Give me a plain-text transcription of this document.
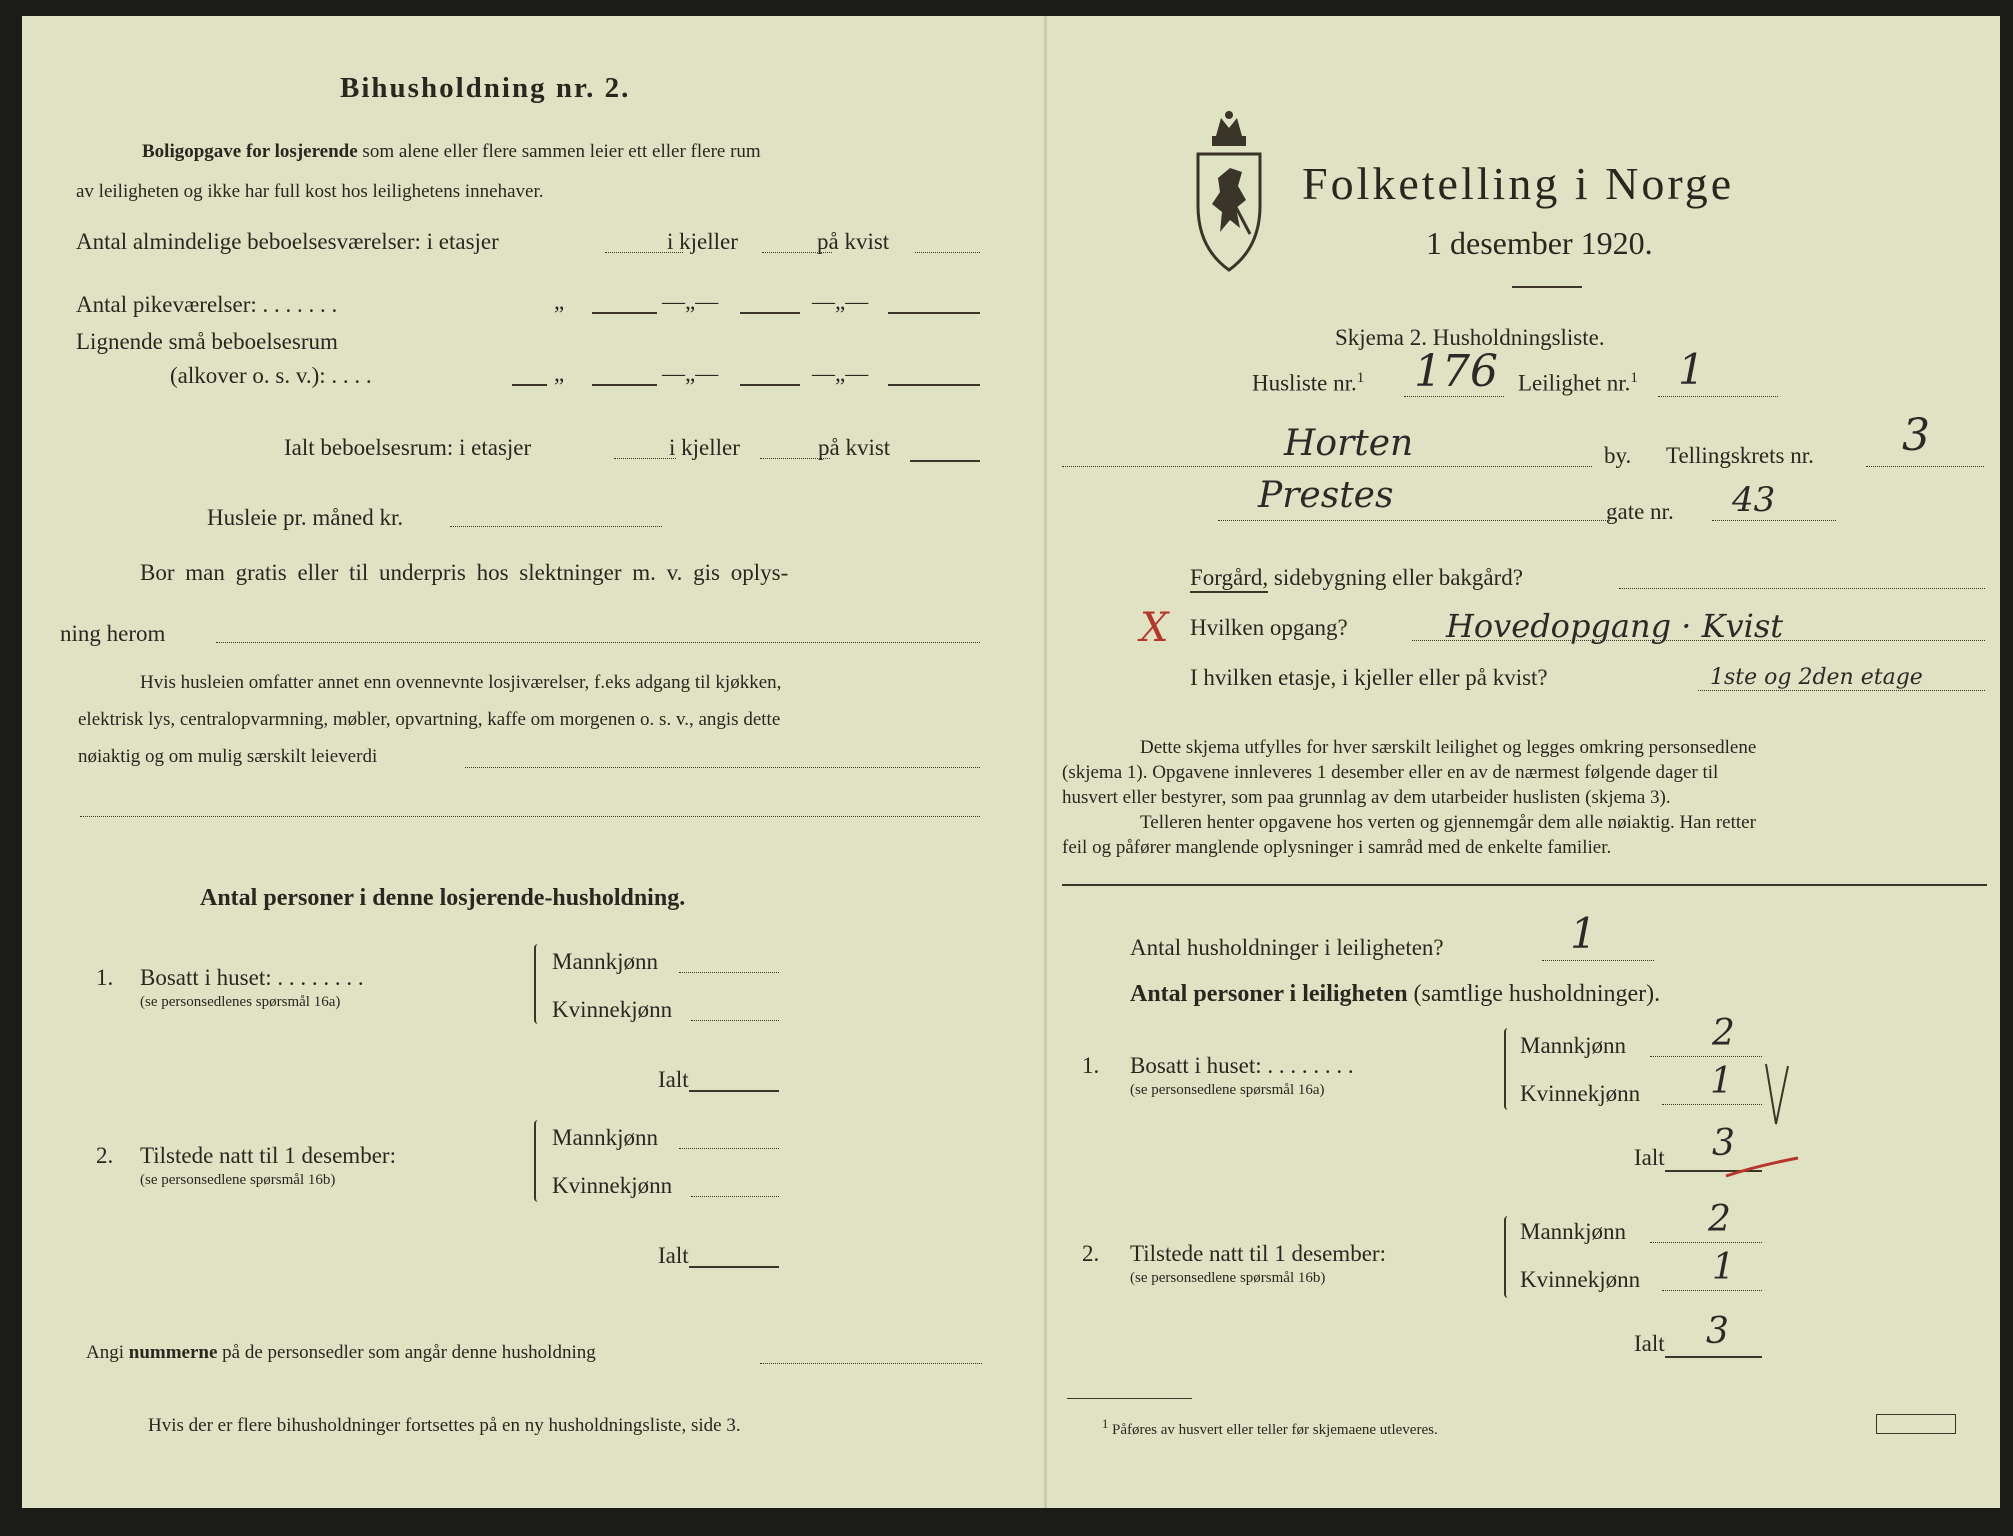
Bihusholdning nr. 2.
Boligopgave for losjerende som alene eller flere sammen leier ett eller flere rum
av leiligheten og ikke har full kost hos leilighetens innehaver.
Antal almindelige beboelsesværelser: i etasjer	i kjeller	på kvist
Antal pikeværelser: . . . . . . .	„	—„—	—„—
Lignende små beboelsesrum
(alkover o. s. v.): . . . .	„	—„—	—„—
Ialt beboelsesrum: i etasjer	i kjeller	på kvist
Husleie pr. måned kr.
Bor man gratis eller til underpris hos slektninger m. v. gis oplys-
ning herom
Hvis husleien omfatter annet enn ovennevnte losjiværelser, f.eks adgang til kjøkken,
elektrisk lys, centralopvarmning, møbler, opvartning, kaffe om morgenen o. s. v., angis dette
nøiaktig og om mulig særskilt leieverdi
Antal personer i denne losjerende-husholdning.
1. Bosatt i huset: . . . . . . . .
(se personsedlenes spørsmål 16a)
Mannkjønn
Kvinnekjønn
Ialt
2. Tilstede natt til 1 desember:
(se personsedlene spørsmål 16b)
Mannkjønn
Kvinnekjønn
Ialt
Angi nummerne på de personsedler som angår denne husholdning
Hvis der er flere bihusholdninger fortsettes på en ny husholdningsliste, side 3.
Folketelling i Norge
1 desember 1920.
Skjema 2. Husholdningsliste.
Husliste nr.$^1$ 176 Leilighet nr.$^1$ 1
Horten	by. Tellingskrets nr. 3
Prestes	gate nr. 43
Forgård, sidebygning eller bakgård?
X Hvilken opgang?	Hovedopgang · Kvist
I hvilken etasje, i kjeller eller på kvist?	1ste og 2den etage
Dette skjema utfylles for hver særskilt leilighet og legges omkring personsedlene
(skjema 1). Opgavene innleveres 1 desember eller en av de nærmest følgende dager til
husvert eller bestyrer, som paa grunnlag av dem utarbeider huslisten (skjema 3).
Telleren henter opgavene hos verten og gjennemgår dem alle nøiaktig. Han retter
feil og påfører manglende oplysninger i samråd med de enkelte familier.
Antal husholdninger i leiligheten?	1
Antal personer i leiligheten (samtlige husholdninger).
1. Bosatt i huset: . . . . . . . .
(se personsedlene spørsmål 16a)
Mannkjønn 2
Kvinnekjønn 1
Ialt 3
2. Tilstede natt til 1 desember:
(se personsedlene spørsmål 16b)
Mannkjønn 2
Kvinnekjønn 1
Ialt 3
$^1$ Påføres av husvert eller teller før skjemaene utleveres.
